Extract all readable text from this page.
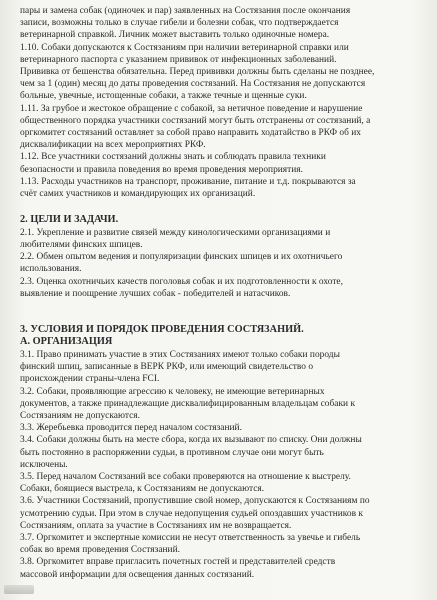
пары и замена собак (одиночек и пар) заявленных на Состязания после окончания

записи, возможны только в случае гибели и болезни собак, что подтверждается

ветеринарной справкой. Личник может выставить только одиночные номера.

1.10. Собаки допускаются к Состязаниям при наличии ветеринарной справки или

ветеринарного паспорта с указанием прививок от инфекционных заболеваний.

Прививка от бешенства обязательна. Перед прививки должны быть сделаны не позднее,

чем за 1 (один) месяц до даты проведения состязаний. На Состязания не допускаются

больные, увечные, истощенные собаки, а также течные и щенные суки.

1.11. За грубое и жестокое обращение с собакой, за нетичное поведение и нарушение

общественного порядка участники состязаний могут быть отстранены от состязаний, а

оргкомитет состязаний оставляет за собой право направить ходатайство в РКФ об их

дисквалификации на всех мероприятиях РКФ.

1.12. Все участники состязаний должны знать и соблюдать правила техники

безопасности и правила поведения во время проведения мероприятия.

1.13. Расходы участников на транспорт, проживание, питание и т.д. покрываются за

счёт самих участников и командирующих их организаций.

2. ЦЕЛИ И ЗАДАЧИ.

2.1. Укрепление и развитие связей между кинологическими организациями и

любителями финских шпицев.

2.2. Обмен опытом ведения и популяризации финских шпицев и их охотничьего

использования.

2.3. Оценка охотничьих качеств поголовья собак и их подготовленности к охоте,

выявление и поощрение лучших собак - победителей и натасчиков.

3. УСЛОВИЯ И ПОРЯДОК ПРОВЕДЕНИЯ СОСТЯЗАНИЙ.

А. ОРГАНИЗАЦИЯ

3.1. Право принимать участие в этих Состязаниях имеют только собаки породы

финский шпиц, записанные в ВЕРК РКФ, или имеющий свидетельство о

происхождении страны-члена FCI.

3.2. Собаки, проявляющие агрессию к человеку, не имеющие ветеринарных

документов, а также принадлежащие дисквалифицированным владельцам собаки к

Состязаниям не допускаются.

3.3. Жеребьевка проводится перед началом состязаний.

3.4. Собаки должны быть на месте сбора, когда их вызывают по списку. Они должны

быть постоянно в распоряжении судьи, в противном случае они могут быть

исключены.

3.5. Перед началом Состязаний все собаки проверяются на отношение к выстрелу.

Собаки, боящиеся выстрела, к Состязаниям не допускаются.

3.6. Участники Состязаний, пропустившие свой номер, допускаются к Состязаниям по

усмотрению судьи. При этом в случае недопущения судьей опоздавших участников к

Состязаниям, оплата за участие в Состязаниях им не возвращается.

3.7. Оргкомитет и экспертные комиссии не несут ответственность за увечье и гибель

собак во время проведения Состязаний.

3.8. Оргкомитет вправе пригласить почетных гостей и представителей средств

массовой информации для освещения данных состязаний.
